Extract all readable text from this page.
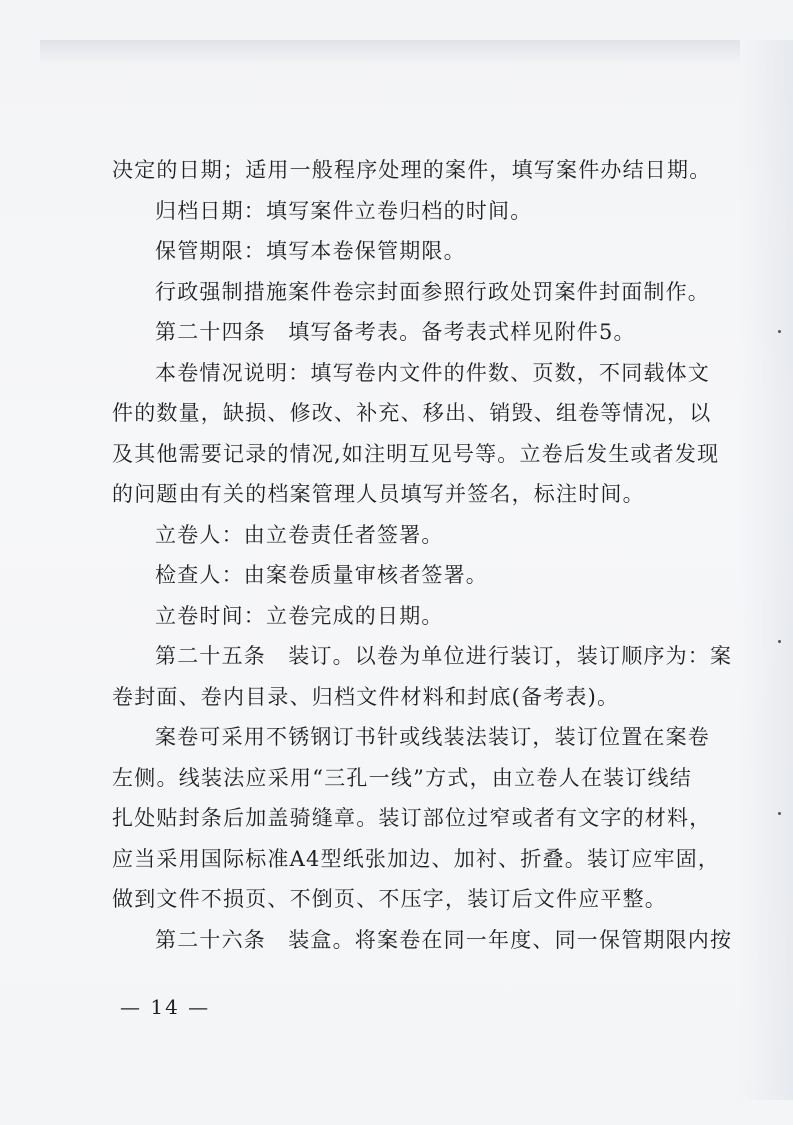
决定的日期；适用一般程序处理的案件，填写案件办结日期。
归档日期：填写案件立卷归档的时间。
保管期限：填写本卷保管期限。
行政强制措施案件卷宗封面参照行政处罚案件封面制作。
第二十四条　填写备考表。备考表式样见附件5。
本卷情况说明：填写卷内文件的件数、页数，不同载体文
件的数量，缺损、修改、补充、移出、销毁、组卷等情况，以
及其他需要记录的情况,如注明互见号等。立卷后发生或者发现
的问题由有关的档案管理人员填写并签名，标注时间。
立卷人：由立卷责任者签署。
检查人：由案卷质量审核者签署。
立卷时间：立卷完成的日期。
第二十五条　装订。以卷为单位进行装订，装订顺序为：案
卷封面、卷内目录、归档文件材料和封底(备考表)。
案卷可采用不锈钢订书针或线装法装订，装订位置在案卷
左侧。线装法应采用“三孔一线”方式，由立卷人在装订线结
扎处贴封条后加盖骑缝章。装订部位过窄或者有文字的材料，
应当采用国际标准A4型纸张加边、加衬、折叠。装订应牢固，
做到文件不损页、不倒页、不压字，装订后文件应平整。
第二十六条　装盒。将案卷在同一年度、同一保管期限内按
— 14 —
